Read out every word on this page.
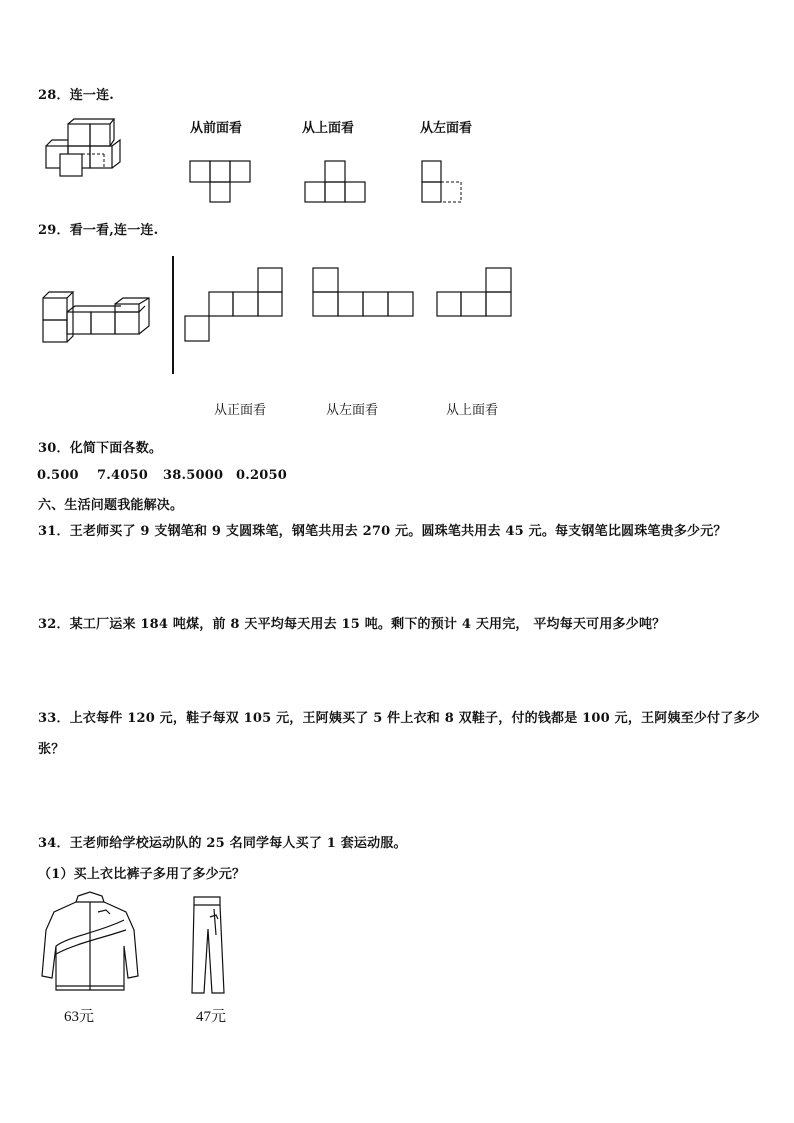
28．连一连.
从前面看	从上面看	从左面看
29．看一看,连一连.
从正面看	从左面看	从上面看
30．化简下面各数。
0.500 7.4050 38.5000 0.2050
六、生活问题我能解决。
31．王老师买了 9 支钢笔和 9 支圆珠笔，钢笔共用去 270 元。圆珠笔共用去 45 元。每支钢笔比圆珠笔贵多少元？
32．某工厂运来 184 吨煤，前 8 天平均每天用去 15 吨。剩下的预计 4 天用完， 平均每天可用多少吨？
33．上衣每件 120 元，鞋子每双 105 元，王阿姨买了 5 件上衣和 8 双鞋子，付的钱都是 100 元，王阿姨至少付了多少
张？
34．王老师给学校运动队的 25 名同学每人买了 1 套运动服。
（1）买上衣比裤子多用了多少元？
63元	47元
